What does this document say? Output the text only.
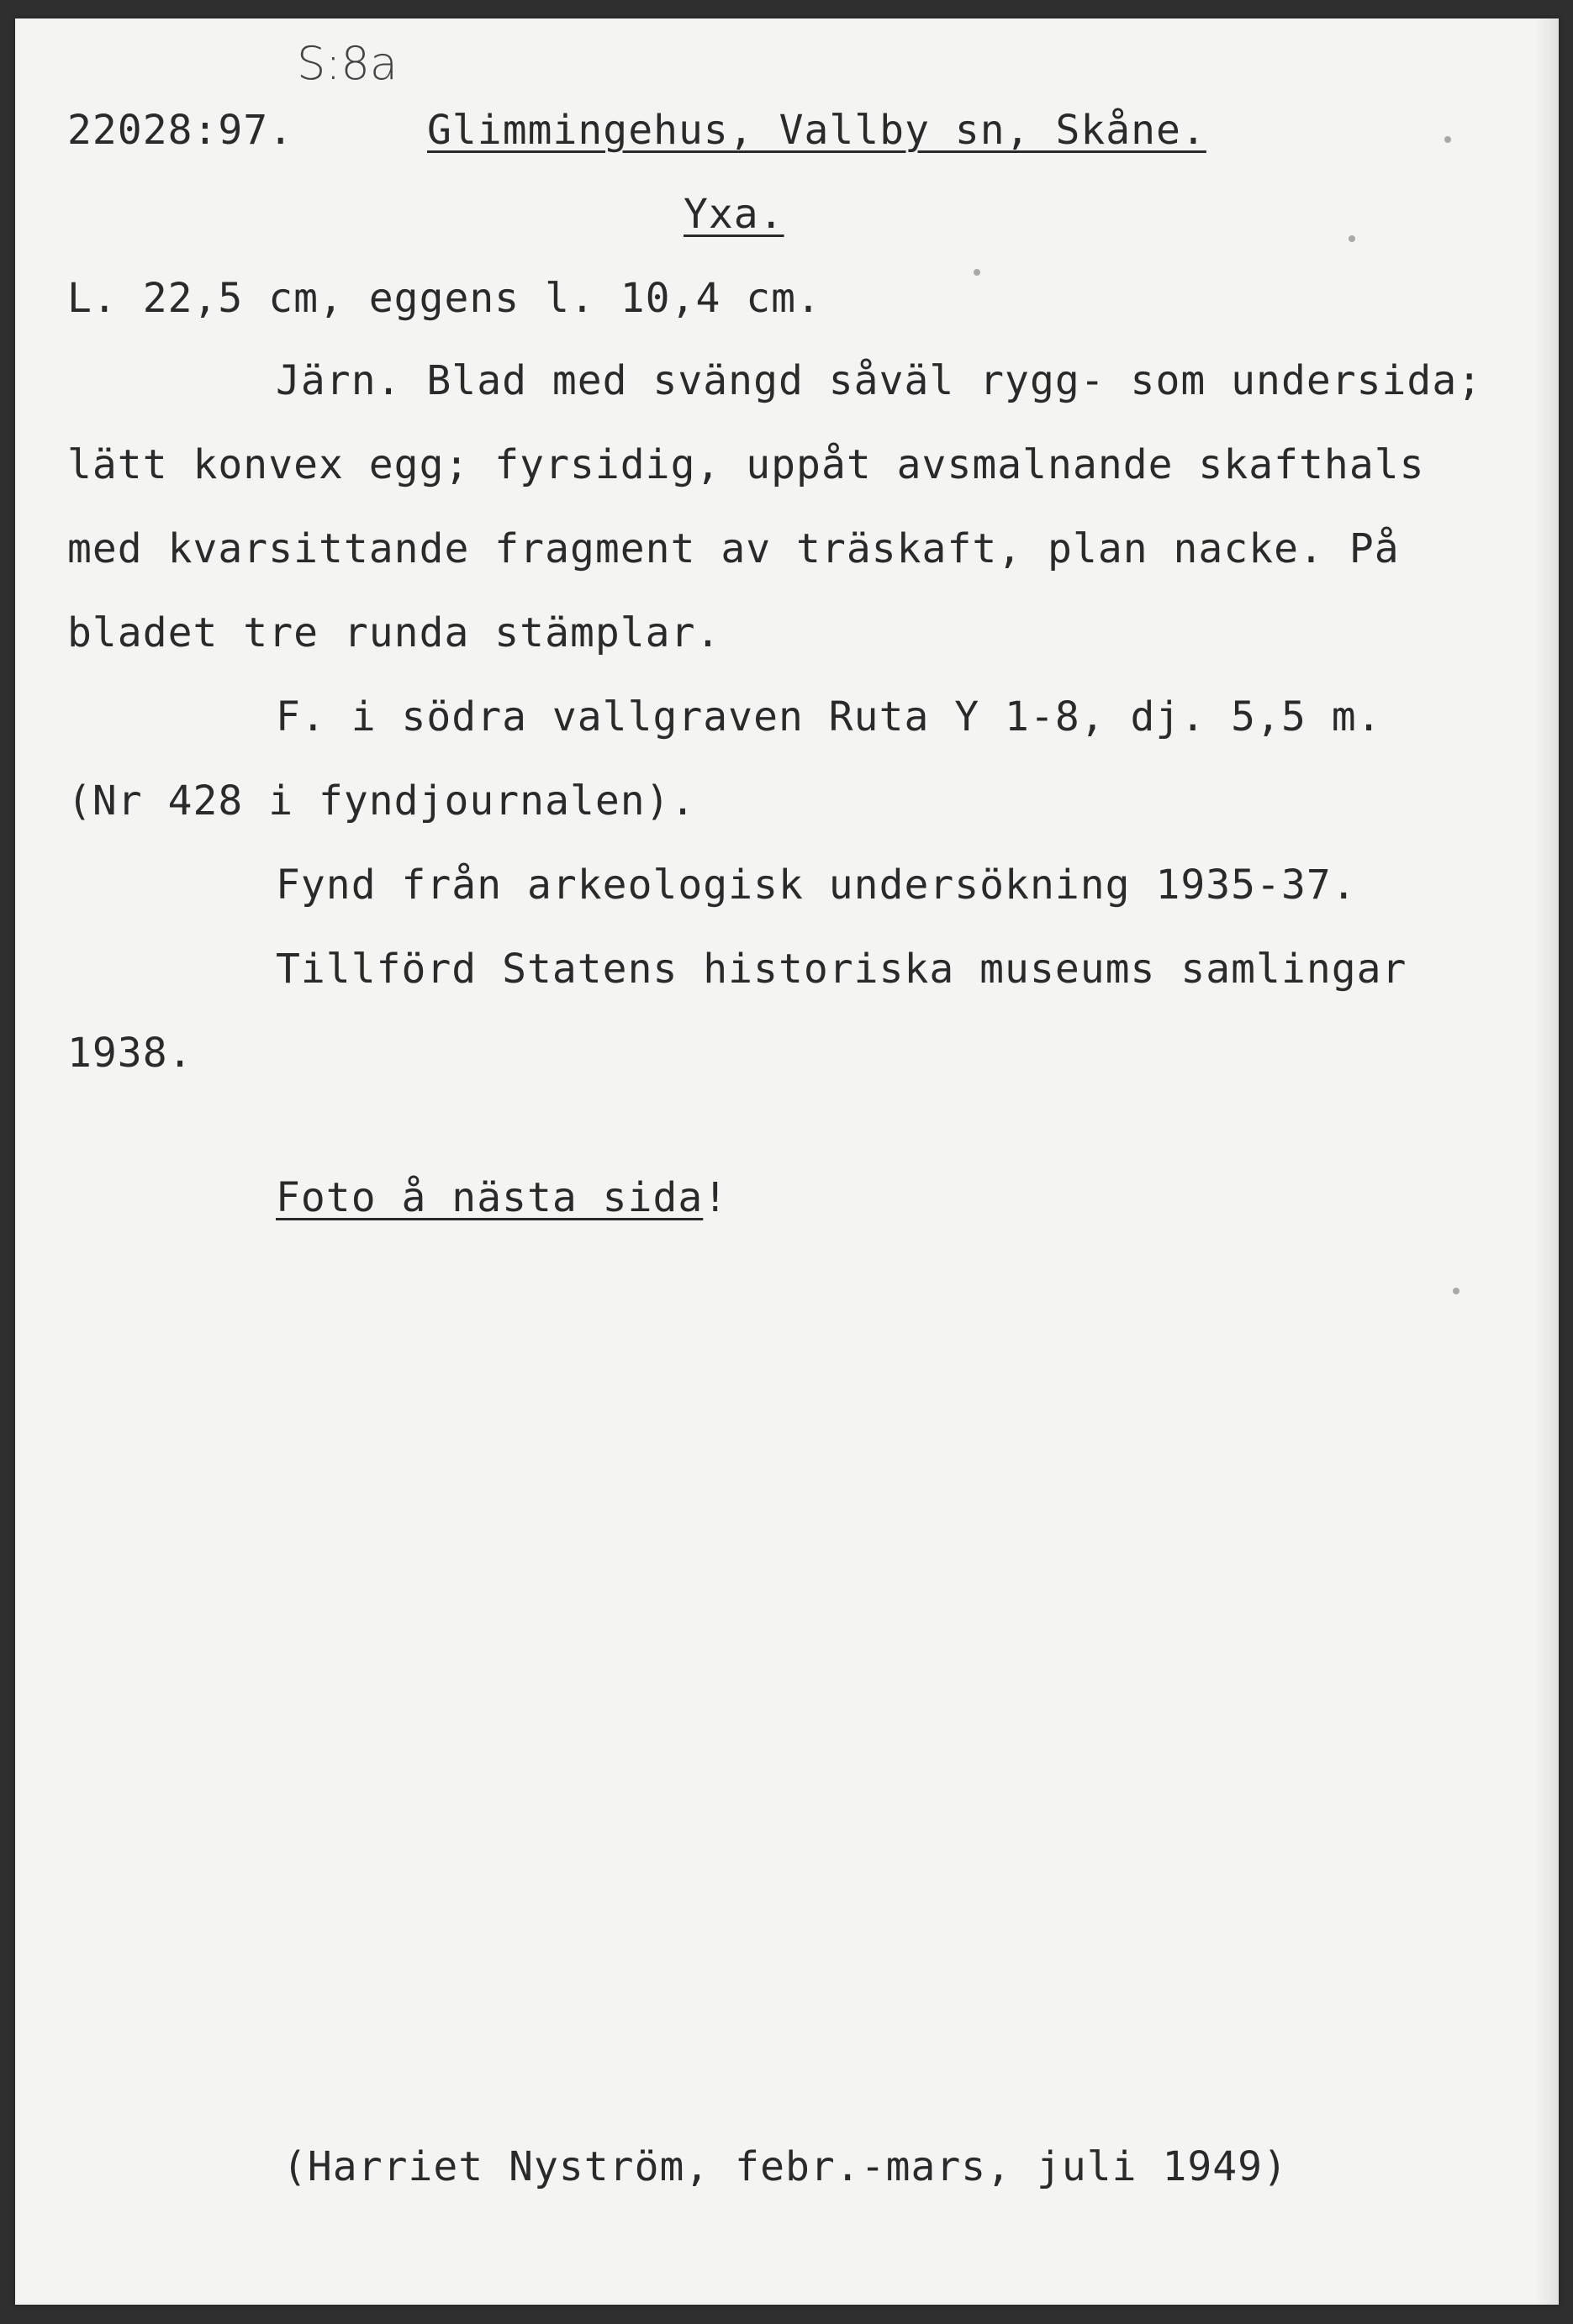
S:8a
22028:97.	Glimmingehus, Vallby sn, Skåne.
Yxa.
L. 22,5 cm, eggens l. 10,4 cm.
Järn. Blad med svängd såväl rygg- som undersida;
lätt konvex egg; fyrsidig, uppåt avsmalnande skafthals
med kvarsittande fragment av träskaft, plan nacke. På
bladet tre runda stämplar.
F. i södra vallgraven Ruta Y 1-8, dj. 5,5 m.
(Nr 428 i fyndjournalen).
Fynd från arkeologisk undersökning 1935-37.
Tillförd Statens historiska museums samlingar
1938.
Foto å nästa sida!
(Harriet Nyström, febr.-mars, juli 1949)
